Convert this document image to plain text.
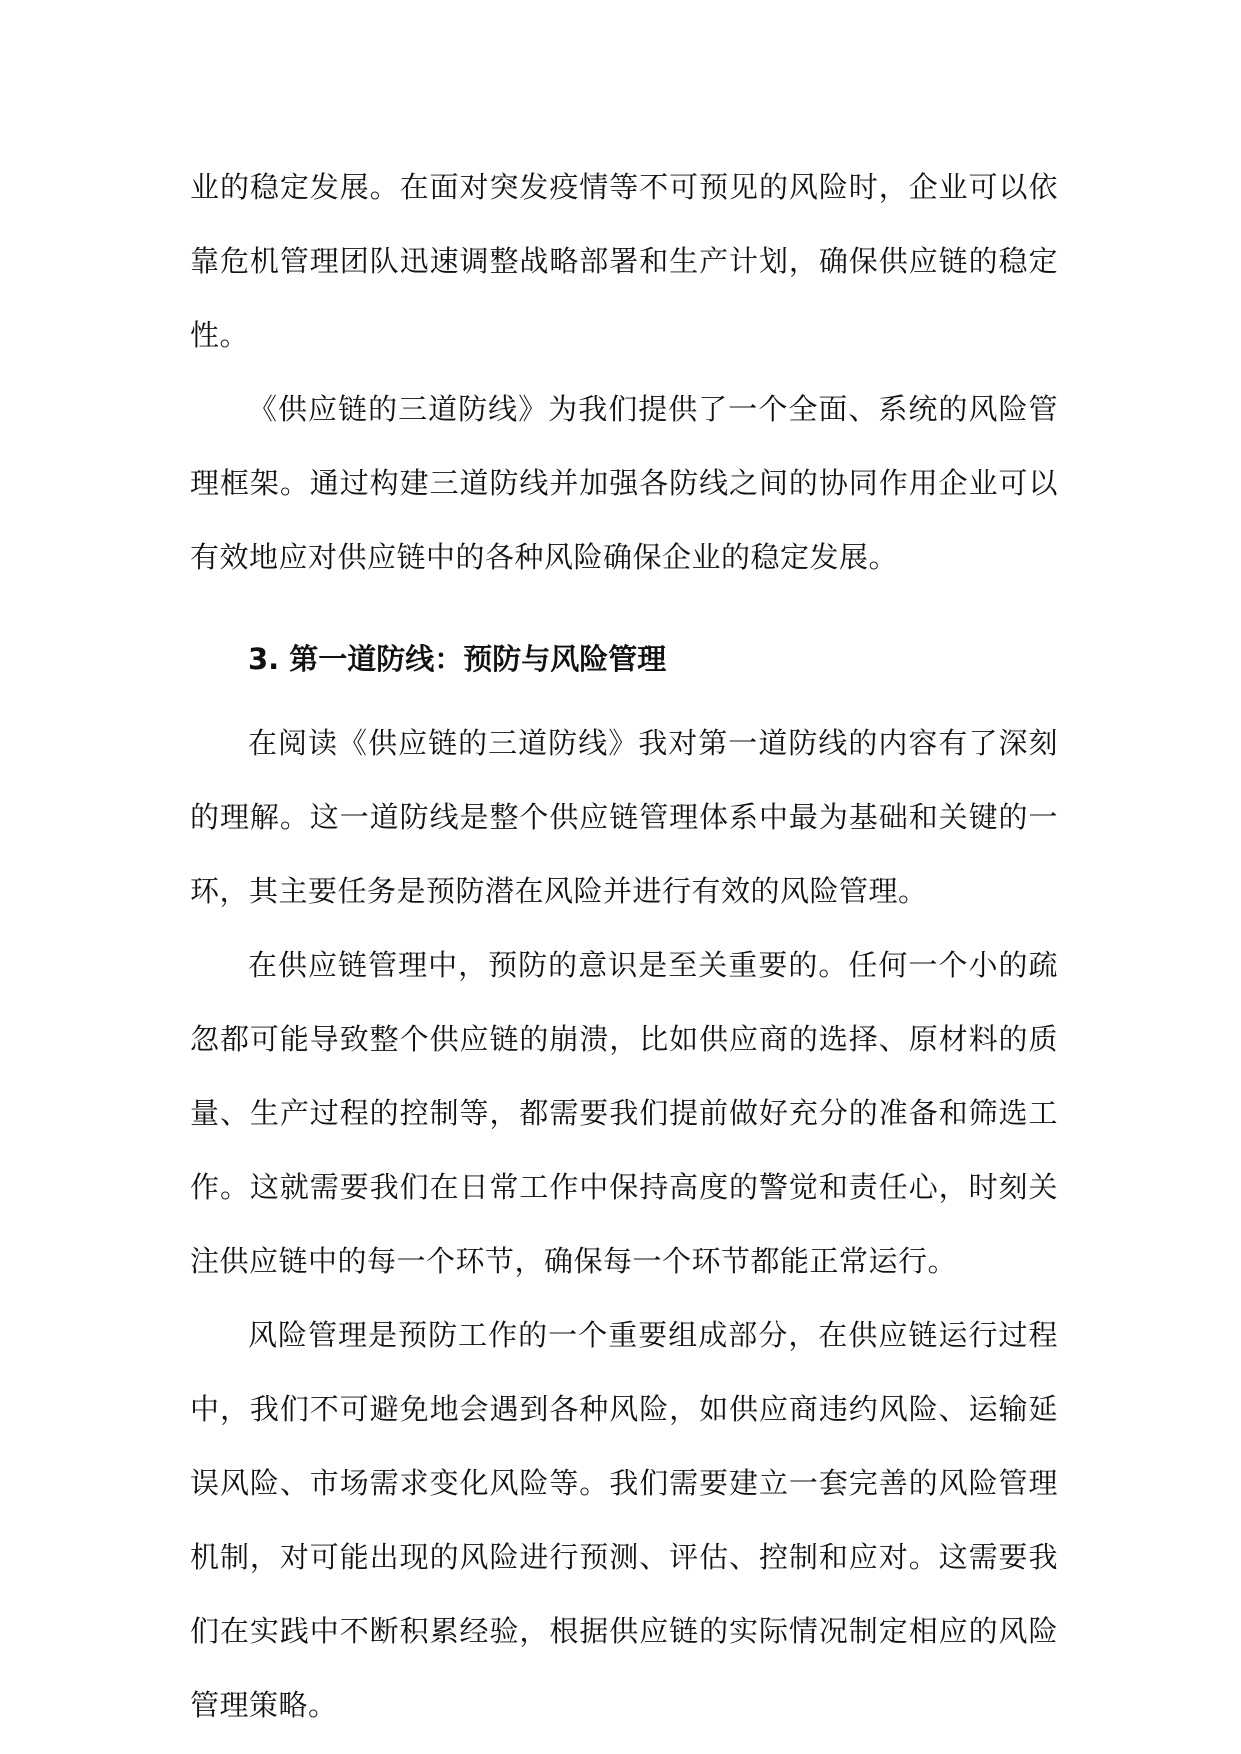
业的稳定发展。在面对突发疫情等不可预见的风险时，企业可以依靠危机管理团队迅速调整战略部署和生产计划，确保供应链的稳定性。

《供应链的三道防线》为我们提供了一个全面、系统的风险管理框架。通过构建三道防线并加强各防线之间的协同作用企业可以有效地应对供应链中的各种风险确保企业的稳定发展。

3. 第一道防线：预防与风险管理

在阅读《供应链的三道防线》我对第一道防线的内容有了深刻的理解。这一道防线是整个供应链管理体系中最为基础和关键的一环，其主要任务是预防潜在风险并进行有效的风险管理。

在供应链管理中，预防的意识是至关重要的。任何一个小的疏忽都可能导致整个供应链的崩溃，比如供应商的选择、原材料的质量、生产过程的控制等，都需要我们提前做好充分的准备和筛选工作。这就需要我们在日常工作中保持高度的警觉和责任心，时刻关注供应链中的每一个环节，确保每一个环节都能正常运行。

风险管理是预防工作的一个重要组成部分，在供应链运行过程中，我们不可避免地会遇到各种风险，如供应商违约风险、运输延误风险、市场需求变化风险等。我们需要建立一套完善的风险管理机制，对可能出现的风险进行预测、评估、控制和应对。这需要我们在实践中不断积累经验，根据供应链的实际情况制定相应的风险管理策略。
